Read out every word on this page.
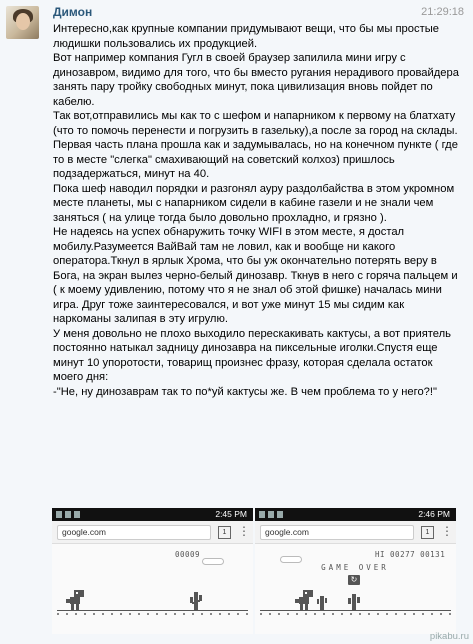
Димон	21:29:18

Интересно,как крупные компании придумывают вещи, что бы мы простые людишки пользовались их продукцией.

Вот например компания Гугл в своей браузер запилила мини игру с динозавром, видимо для того, что бы вместо ругания нерадивого провайдера занять пару тройку свободных минут, пока цивилизация вновь пойдет по кабелю.

Так вот,отправились мы как то с шефом и напарником к первому на блатхату (что то помочь перенести и погрузить в газельку),а после за город на склады.

Первая часть плана прошла как и задумывалась, но на конечном пункте ( где то в месте "слегка" смахивающий на советский колхоз) пришлось подзадержаться, минут на 40.

Пока шеф наводил порядки и разгонял ауру раздолбайства в этом укромном месте планеты, мы с напарником сидели в кабине газели и не знали чем заняться ( на улице тогда было довольно прохладно, и грязно ).

Не надеясь на успех обнаружить точку WIFI в этом месте, я достал мобилу.Разумеется ВайВай там не ловил, как и вообще ни какого оператора.Ткнул в ярлык Хрома, что бы уж окончательно потерять веру в Бога, на экран вылез черно-белый динозавр. Ткнув в него с горяча пальцем и ( к моему удивлению, потому что я не знал об этой фишке) началась мини игра. Друг тоже заинтересовался, и вот уже минут 15 мы сидим как наркоманы залипая в эту игрулю.

У меня довольно не плохо выходило перескакивать кактусы, а вот приятель постоянно натыкал задницу динозавра на пиксельные иголки.Спустя еще минут 10 упоротости, товарищ произнес фразу, которая сделала остаток моего дня:

-"Не, ну динозаврам так то по*уй кактусы же. В чем проблема то у него?!"

2:45 PM
google.com	1 ⋮
00009
2:46 PM
google.com	1 ⋮
HI 00277 00131
GAME OVER
↻
pikabu.ru
